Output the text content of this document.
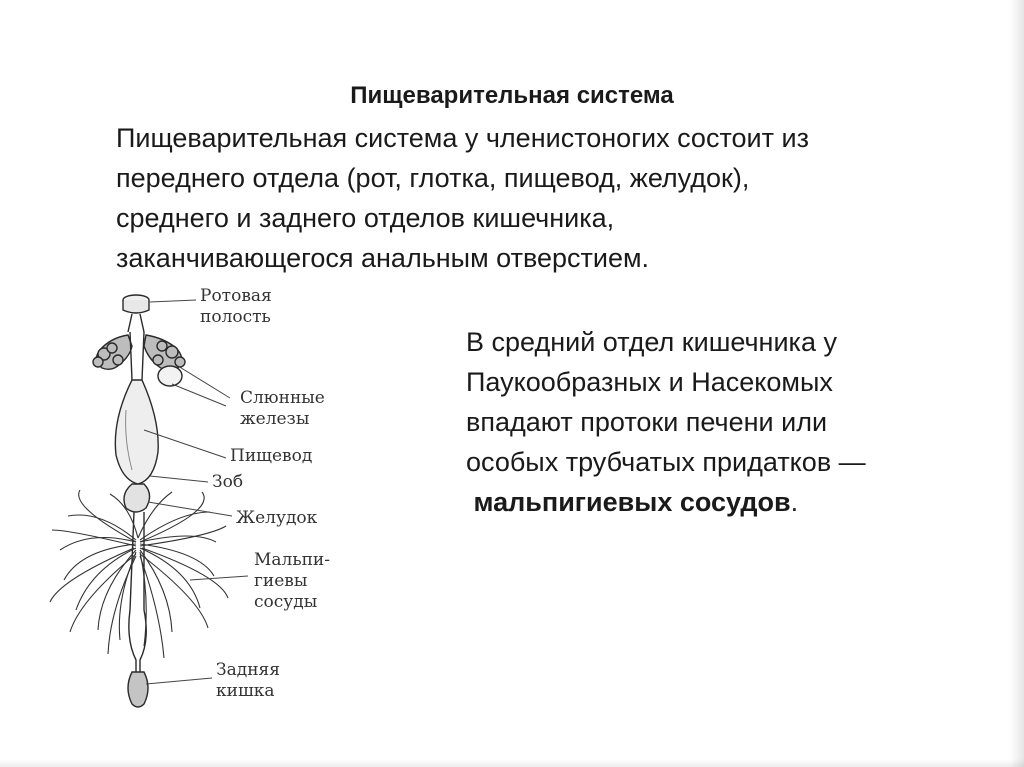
Пищеварительная система

Пищеварительная система у членистоногих состоит из
переднего отдела (рот, глотка, пищевод, желудок),
среднего и заднего отделов кишечника,
заканчивающегося анальным отверстием.

В средний отдел кишечника у
Паукообразных и Насекомых
впадают протоки печени или
особых трубчатых придатков —
мальпигиевых сосудов.

Ротовая
полость
Слюнные
железы
Пищевод
Зоб
Желудок
Мальпи-
гиевы
сосуды
Задняя
кишка
